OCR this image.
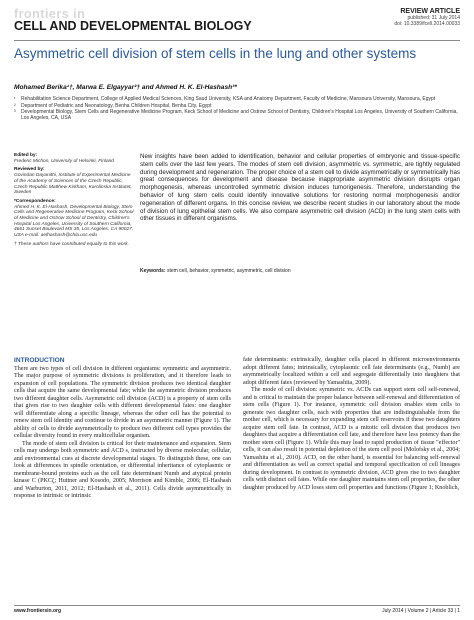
frontiers in
CELL AND DEVELOPMENTAL BIOLOGY
REVIEW ARTICLE
published: 31 July 2014
doi: 10.3389/fcell.2014.00033
Asymmetric cell division of stem cells in the lung and other systems
Mohamed Berika¹†, Marwa E. Elgayyar²† and Ahmed H. K. El-Hashash³*
¹	Rehabilitation Science Department, College of Applied Medical Sciences, King Saud University, KSA and Anatomy Department, Faculty of Medicine, Mansoura University, Mansoura, Egypt
²	Department of Pediatric and Neonatology, Benha Children Hospital, Benha City, Egypt
³	Developmental Biology, Stem Cells and Regenerative Medicine Program, Keck School of Medicine and Ostrow School of Dentistry, Children's Hospital Los Angeles, University of Southern California, Los Angeles, CA, USA
Edited by:
Frederic Michon, University of Helsinki, Finland
Reviewed by:
Govindan Dayanithi, Institute of Experimental Medicine of the Academy of Sciences of the Czech Republic, Czech Republic Matthew Kirkham, Karolinska Institutet, Sweden
*Correspondence:
Ahmed H. K. El-Hashash, Developmental Biology, Stem Cells and Regenerative Medicine Program, Keck School of Medicine and Ostrow School of Dentistry, Children's Hospital Los Angeles, University of Southern California, 4661 Sunset Boulevard MS 35, Los Angeles, CA 90027, USA e-mail: aelhashash@chla.usc.edu
† These authors have contributed equally to this work.
New insights have been added to identification, behavior and cellular properties of embryonic and tissue-specific stem cells over the last few years. The modes of stem cell division, asymmetric vs. symmetric, are tightly regulated during development and regeneration. The proper choice of a stem cell to divide asymmetrically or symmetrically has great consequences for development and disease because inappropriate asymmetric division disrupts organ morphogenesis, whereas uncontrolled symmetric division induces tumorigenesis. Therefore, understanding the behavior of lung stem cells could identify innovative solutions for restoring normal morphogenesis and/or regeneration of different organs. In this concise review, we describe recent studies in our laboratory about the mode of division of lung epithelial stem cells. We also compare asymmetric cell division (ACD) in the lung stem cells with other tissues in different organisms.
Keywords: stem cell, behavior, symmetric, asymmetric, cell division
INTRODUCTION

There are two types of cell division in different organisms: symmetric and asymmetric. The major purpose of symmetric divisions is proliferation, and it therefore leads to expansion of cell populations. The symmetric division produces two identical daughter cells that acquire the same developmental fate; while the asymmetric division produces two different daughter cells. Asymmetric cell division (ACD) is a property of stem cells that gives rise to two daughter cells with different developmental fates: one daughter will differentiate along a specific lineage, whereas the other cell has the potential to renew stem cell identity and continue to divide in an asymmetric manner (Figure 1). The ability of cells to divide asymmetrically to produce two different cell types provides the cellular diversity found in every multicellular organism.

The mode of stem cell division is critical for their maintenance and expansion. Stem cells may undergo both symmetric and ACD s, instructed by diverse molecular, cellular, and environmental cues at discrete developmental stages. To distinguish these, one can look at differences in spindle orientation, or differential inheritance of cytoplasmic or membrane-bound proteins such as the cell fate determinant Numb and atypical protein kinase C (PKCζ; Huttner and Kosodo, 2005; Morrison and Kimble, 2006; El-Hashash and Warburton, 2011, 2012; El-Hashash et al., 2011). Cells divide asymmetrically in response to intrinsic or intrinsic

fate determinants: extrinsically, daughter cells placed in different microenvironments adopt different fates; intrinsically, cytoplasmic cell fate determinants (e.g., Numb) are asymmetrically localized within a cell and segregate differentially into daughters that adopt different fates (reviewed by Yamashita, 2009).

The mode of cell division: symmetric vs. ACDs can support stem cell self-renewal, and is critical to maintain the proper balance between self-renewal and differentiation of stem cells (Figure 1). For instance, symmetric cell division enables stem cells to generate two daughter cells, each with properties that are indistinguishable from the mother cell, which is necessary for expanding stem cell reservoirs if these two daughters acquire stem cell fate. In contrast, ACD is a mitotic cell division that produces two daughters that acquire a differentiation cell fate, and therefore have less potency than the mother stem cell (Figure 1). While this may lead to rapid production of tissue "effector" cells, it can also result in potential depletion of the stem cell pool (Molofsky et al., 2004; Yamashita et al., 2010). ACD, on the other hand, is essential for balancing self-renewal and differentiation as well as correct spatial and temporal specification of cell lineages during development. In contrast to symmetric division, ACD gives rise to two daughter cells with distinct cell fates. While one daughter maintains stem cell properties, the other daughter produced by ACD loses stem cell properties and functions (Figure 1; Knoblich,

www.frontiersin.org	July 2014 | Volume 2 | Article 33 | 1
